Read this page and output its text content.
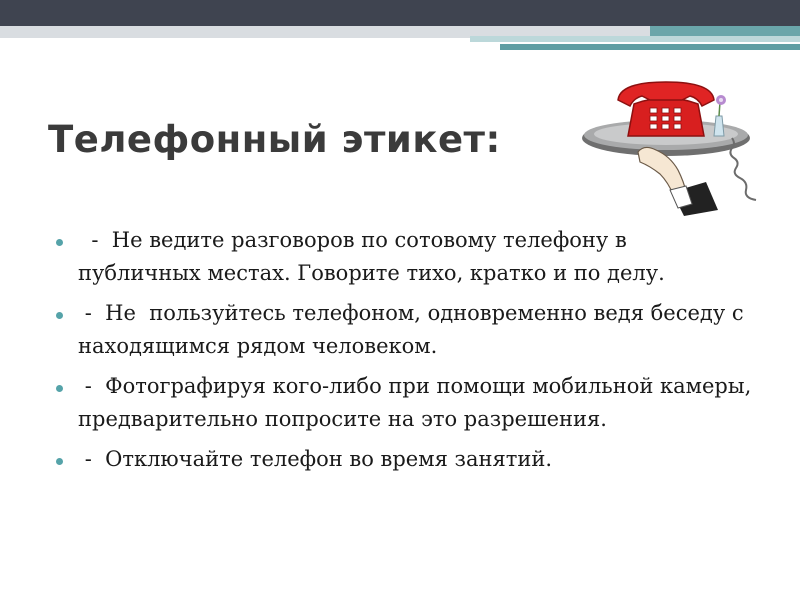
Телефонный этикет:
-  Не ведите разговоров по сотовому телефону в публичных местах. Говорите тихо, кратко и по делу.
-  Не  пользуйтесь телефоном, одновременно ведя беседу с находящимся рядом человеком.
-  Фотографируя кого-либо при помощи мобильной камеры, предварительно попросите на это разрешения.
-  Отключайте телефон во время занятий.
